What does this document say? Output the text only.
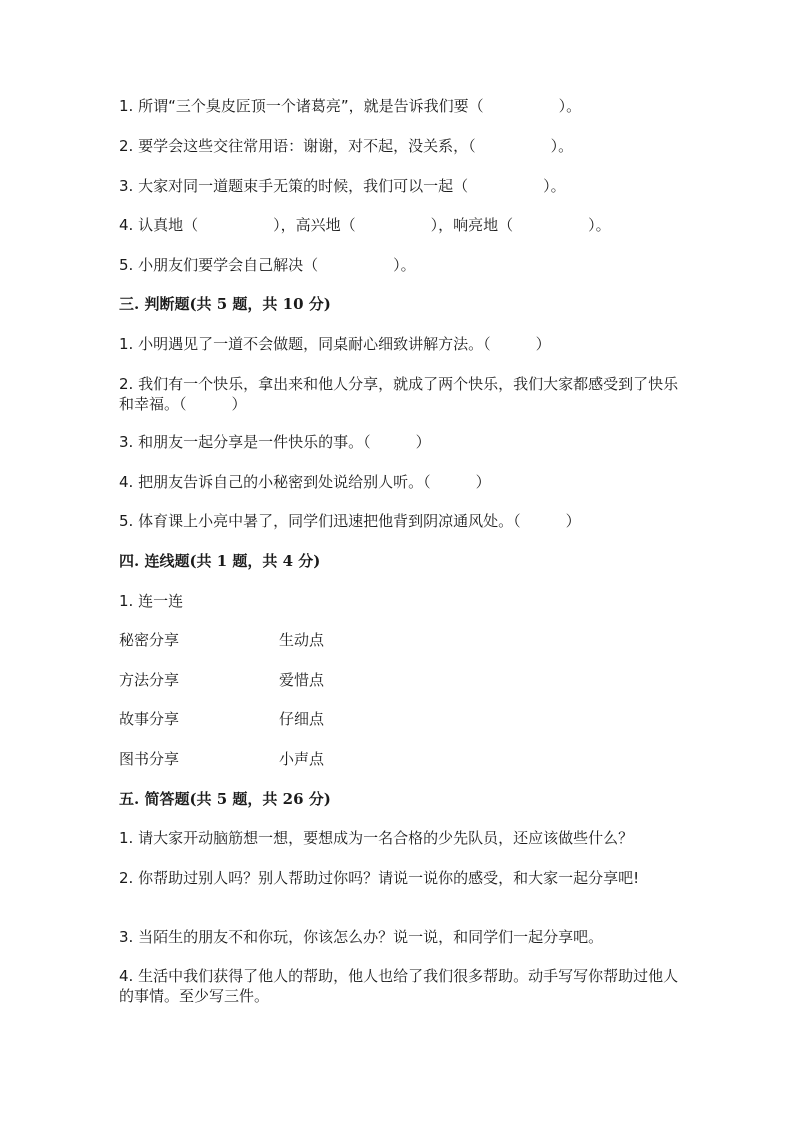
1. 所谓“三个臭皮匠顶一个诸葛亮”，就是告诉我们要（　　　　　）。
2. 要学会这些交往常用语：谢谢，对不起，没关系，（　　　　　）。
3. 大家对同一道题束手无策的时候，我们可以一起（　　　　　）。
4. 认真地（　　　　　），高兴地（　　　　　），响亮地（　　　　　）。
5. 小朋友们要学会自己解决（　　　　　）。
三. 判断题(共 5 题，共 10 分)
1. 小明遇见了一道不会做题，同桌耐心细致讲解方法。（　　　）
2. 我们有一个快乐，拿出来和他人分享，就成了两个快乐，我们大家都感受到了快乐和幸福。（　　　）
3. 和朋友一起分享是一件快乐的事。（　　　）
4. 把朋友告诉自己的小秘密到处说给别人听。（　　　）
5. 体育课上小亮中暑了，同学们迅速把他背到阴凉通风处。（　　　）
四. 连线题(共 1 题，共 4 分)
1. 连一连
秘密分享	生动点
方法分享	爱惜点
故事分享	仔细点
图书分享	小声点
五. 简答题(共 5 题，共 26 分)
1. 请大家开动脑筋想一想，要想成为一名合格的少先队员，还应该做些什么？
2. 你帮助过别人吗？别人帮助过你吗？请说一说你的感受，和大家一起分享吧!
3. 当陌生的朋友不和你玩，你该怎么办？说一说，和同学们一起分享吧。
4. 生活中我们获得了他人的帮助，他人也给了我们很多帮助。动手写写你帮助过他人的事情。至少写三件。
